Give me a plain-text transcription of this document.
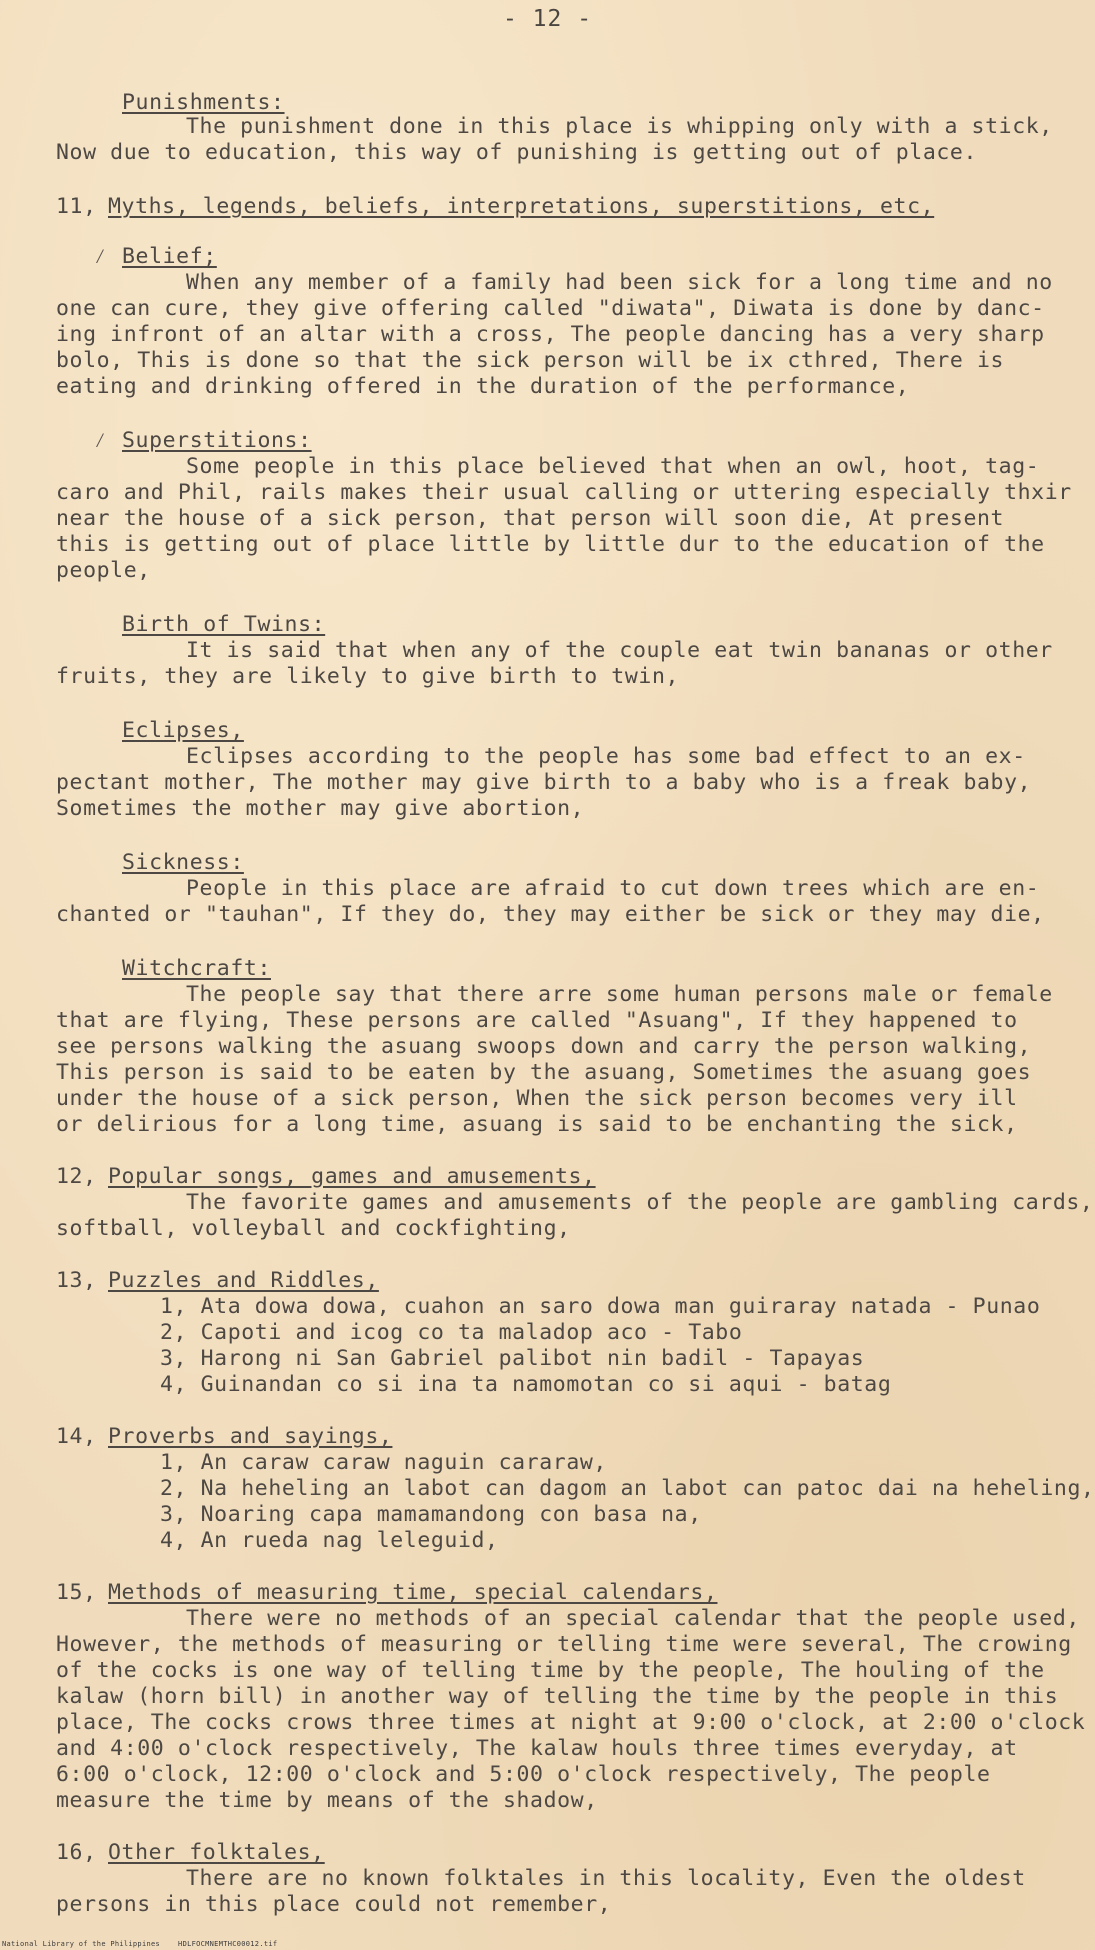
- 12 -
Punishments:
The punishment done in this place is whipping only with a stick,
Now due to education, this way of punishing is getting out of place.
11, Myths, legends, beliefs, interpretations, superstitions, etc,
⁄ Belief;
When any member of a family had been sick for a long time and no
one can cure, they give offering called "diwata", Diwata is done by danc-
ing infront of an altar with a cross, The people dancing has a very sharp
bolo, This is done so that the sick person will be ix cthred, There is
eating and drinking offered in the duration of the performance,
⁄ Superstitions:
Some people in this place believed that when an owl, hoot, tag-
caro and Phil, rails makes their usual calling or uttering especially thxir
near the house of a sick person, that person will soon die, At present
this is getting out of place little by little dur to the education of the
people,
Birth of Twins:
It is said that when any of the couple eat twin bananas or other
fruits, they are likely to give birth to twin,
Eclipses,
Eclipses according to the people has some bad effect to an ex-
pectant mother, The mother may give birth to a baby who is a freak baby,
Sometimes the mother may give abortion,
Sickness:
People in this place are afraid to cut down trees which are en-
chanted or "tauhan", If they do, they may either be sick or they may die,
Witchcraft:
The people say that there arre some human persons male or female
that are flying, These persons are called "Asuang", If they happened to
see persons walking the asuang swoops down and carry the person walking,
This person is said to be eaten by the asuang, Sometimes the asuang goes
under the house of a sick person, When the sick person becomes very ill
or delirious for a long time, asuang is said to be enchanting the sick,
12, Popular songs, games and amusements,
The favorite games and amusements of the people are gambling cards,
softball, volleyball and cockfighting,
13, Puzzles and Riddles,
1, Ata dowa dowa, cuahon an saro dowa man guiraray natada - Punao
2, Capoti and icog co ta maladop aco - Tabo
3, Harong ni San Gabriel palibot nin badil - Tapayas
4, Guinandan co si ina ta namomotan co si aqui - batag
14, Proverbs and sayings,
1, An caraw caraw naguin cararaw,
2, Na heheling an labot can dagom an labot can patoc dai na heheling,
3, Noaring capa mamamandong con basa na,
4, An rueda nag leleguid,
15, Methods of measuring time, special calendars,
There were no methods of an special calendar that the people used,
However, the methods of measuring or telling time were several, The crowing
of the cocks is one way of telling time by the people, The houling of the
kalaw (horn bill) in another way of telling the time by the people in this
place, The cocks crows three times at night at 9:00 o'clock, at 2:00 o'clock
and 4:00 o'clock respectively, The kalaw houls three times everyday, at
6:00 o'clock, 12:00 o'clock and 5:00 o'clock respectively, The people
measure the time by means of the shadow,
16, Other folktales,
There are no known folktales in this locality, Even the oldest
persons in this place could not remember,
National Library of the Philippines    HDLFOCMNEMTHC00012.tif
